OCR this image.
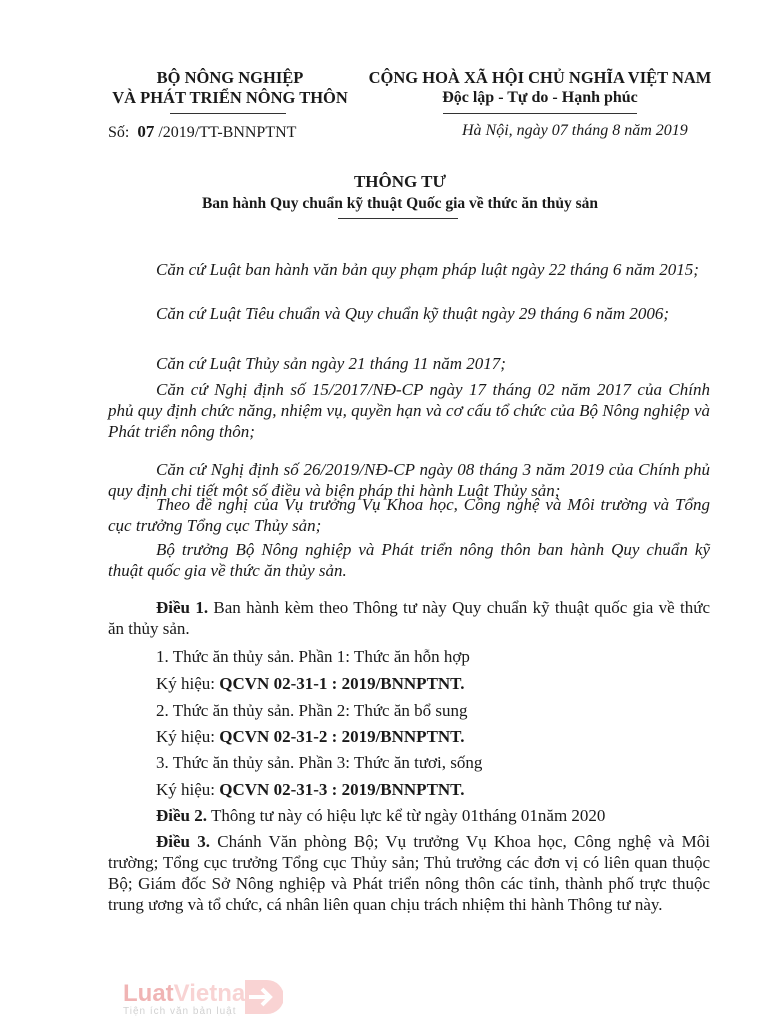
BỘ NÔNG NGHIỆP
VÀ PHÁT TRIỂN NÔNG THÔN
CỘNG HOÀ XÃ HỘI CHỦ NGHĨA VIỆT NAM
Độc lập - Tự do - Hạnh phúc
Số: 07 /2019/TT-BNNPTNT	Hà Nội, ngày 07 tháng 8 năm 2019
THÔNG TƯ
Ban hành Quy chuẩn kỹ thuật Quốc gia về thức ăn thủy sản
Căn cứ Luật ban hành văn bản quy phạm pháp luật ngày 22 tháng 6 năm 2015;
Căn cứ Luật Tiêu chuẩn và Quy chuẩn kỹ thuật ngày 29 tháng 6 năm 2006;
Căn cứ Luật Thủy sản ngày 21 tháng 11 năm 2017;
Căn cứ Nghị định số 15/2017/NĐ-CP ngày 17 tháng 02 năm 2017 của Chính phủ quy định chức năng, nhiệm vụ, quyền hạn và cơ cấu tổ chức của Bộ Nông nghiệp và Phát triển nông thôn;
Căn cứ Nghị định số 26/2019/NĐ-CP ngày 08 tháng 3 năm 2019 của Chính phủ quy định chi tiết một số điều và biện pháp thi hành Luật Thủy sản;
Theo đề nghị của Vụ trưởng Vụ Khoa học, Công nghệ và Môi trường và Tổng cục trưởng Tổng cục Thủy sản;
Bộ trưởng Bộ Nông nghiệp và Phát triển nông thôn ban hành Quy chuẩn kỹ thuật quốc gia về thức ăn thủy sản.
Điều 1. Ban hành kèm theo Thông tư này Quy chuẩn kỹ thuật quốc gia về thức ăn thủy sản.
1. Thức ăn thủy sản. Phần 1: Thức ăn hỗn hợp
Ký hiệu: QCVN 02-31-1 : 2019/BNNPTNT.
2. Thức ăn thủy sản. Phần 2: Thức ăn bổ sung
Ký hiệu: QCVN 02-31-2 : 2019/BNNPTNT.
3. Thức ăn thủy sản. Phần 3: Thức ăn tươi, sống
Ký hiệu: QCVN 02-31-3 : 2019/BNNPTNT.
Điều 2. Thông tư này có hiệu lực kể từ ngày 01tháng 01năm 2020
Điều 3. Chánh Văn phòng Bộ; Vụ trưởng Vụ Khoa học, Công nghệ và Môi trường; Tổng cục trưởng Tổng cục Thủy sản; Thủ trưởng các đơn vị có liên quan thuộc Bộ; Giám đốc Sở Nông nghiệp và Phát triển nông thôn các tỉnh, thành phố trực thuộc trung ương và tổ chức, cá nhân liên quan chịu trách nhiệm thi hành Thông tư này.
LuatVietnam
Tiện ích văn bản luật
